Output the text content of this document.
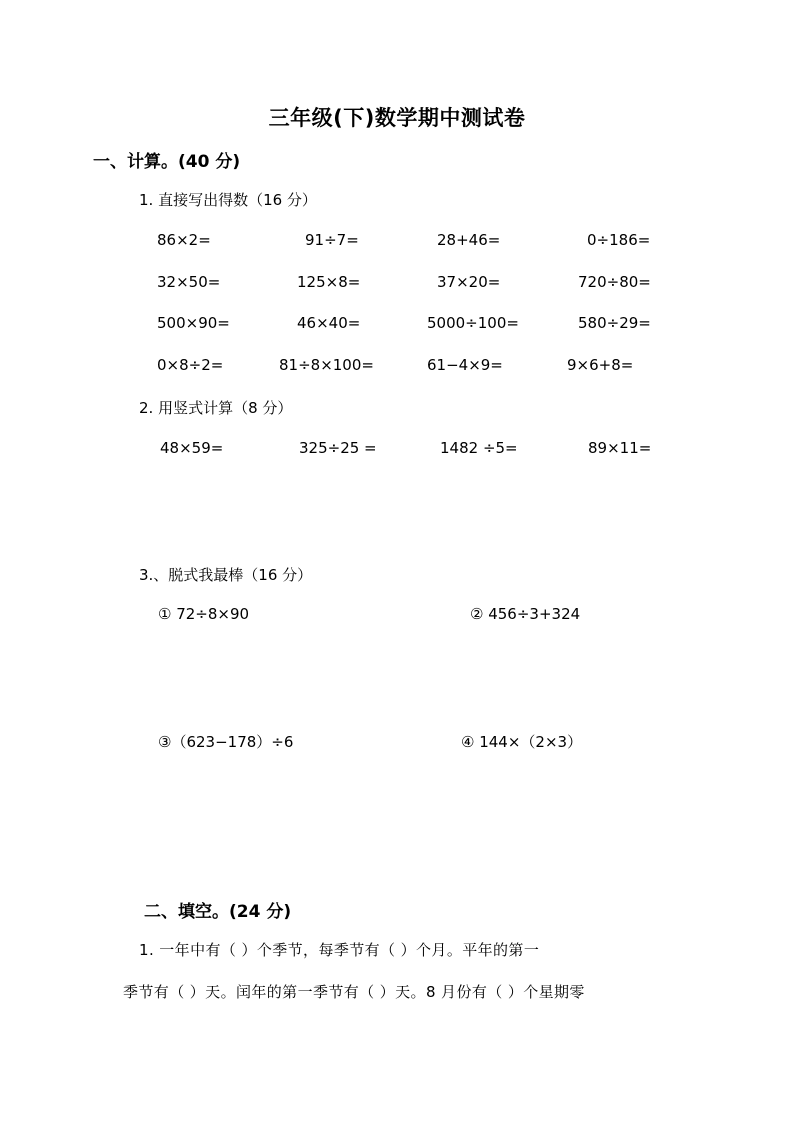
三年级(下)数学期中测试卷
一、计算。(40 分)
1. 直接写出得数（16 分）
86×2=	91÷7=	28+46=	0÷186=
32×50=	125×8=	37×20=	720÷80=
500×90=	46×40=	5000÷100=	580÷29=
0×8÷2=	81÷8×100=	61−4×9=	9×6+8=
2. 用竖式计算（8 分）
48×59=	325÷25 =	1482 ÷5=	89×11=
3.、脱式我最棒（16 分）
① 72÷8×90	② 456÷3+324
③（623−178）÷6	④ 144×（2×3）
二、填空。(24 分)
1. 一年中有（ ）个季节，每季节有（ ）个月。平年的第一
季节有（ ）天。闰年的第一季节有（ ）天。8 月份有（ ）个星期零
